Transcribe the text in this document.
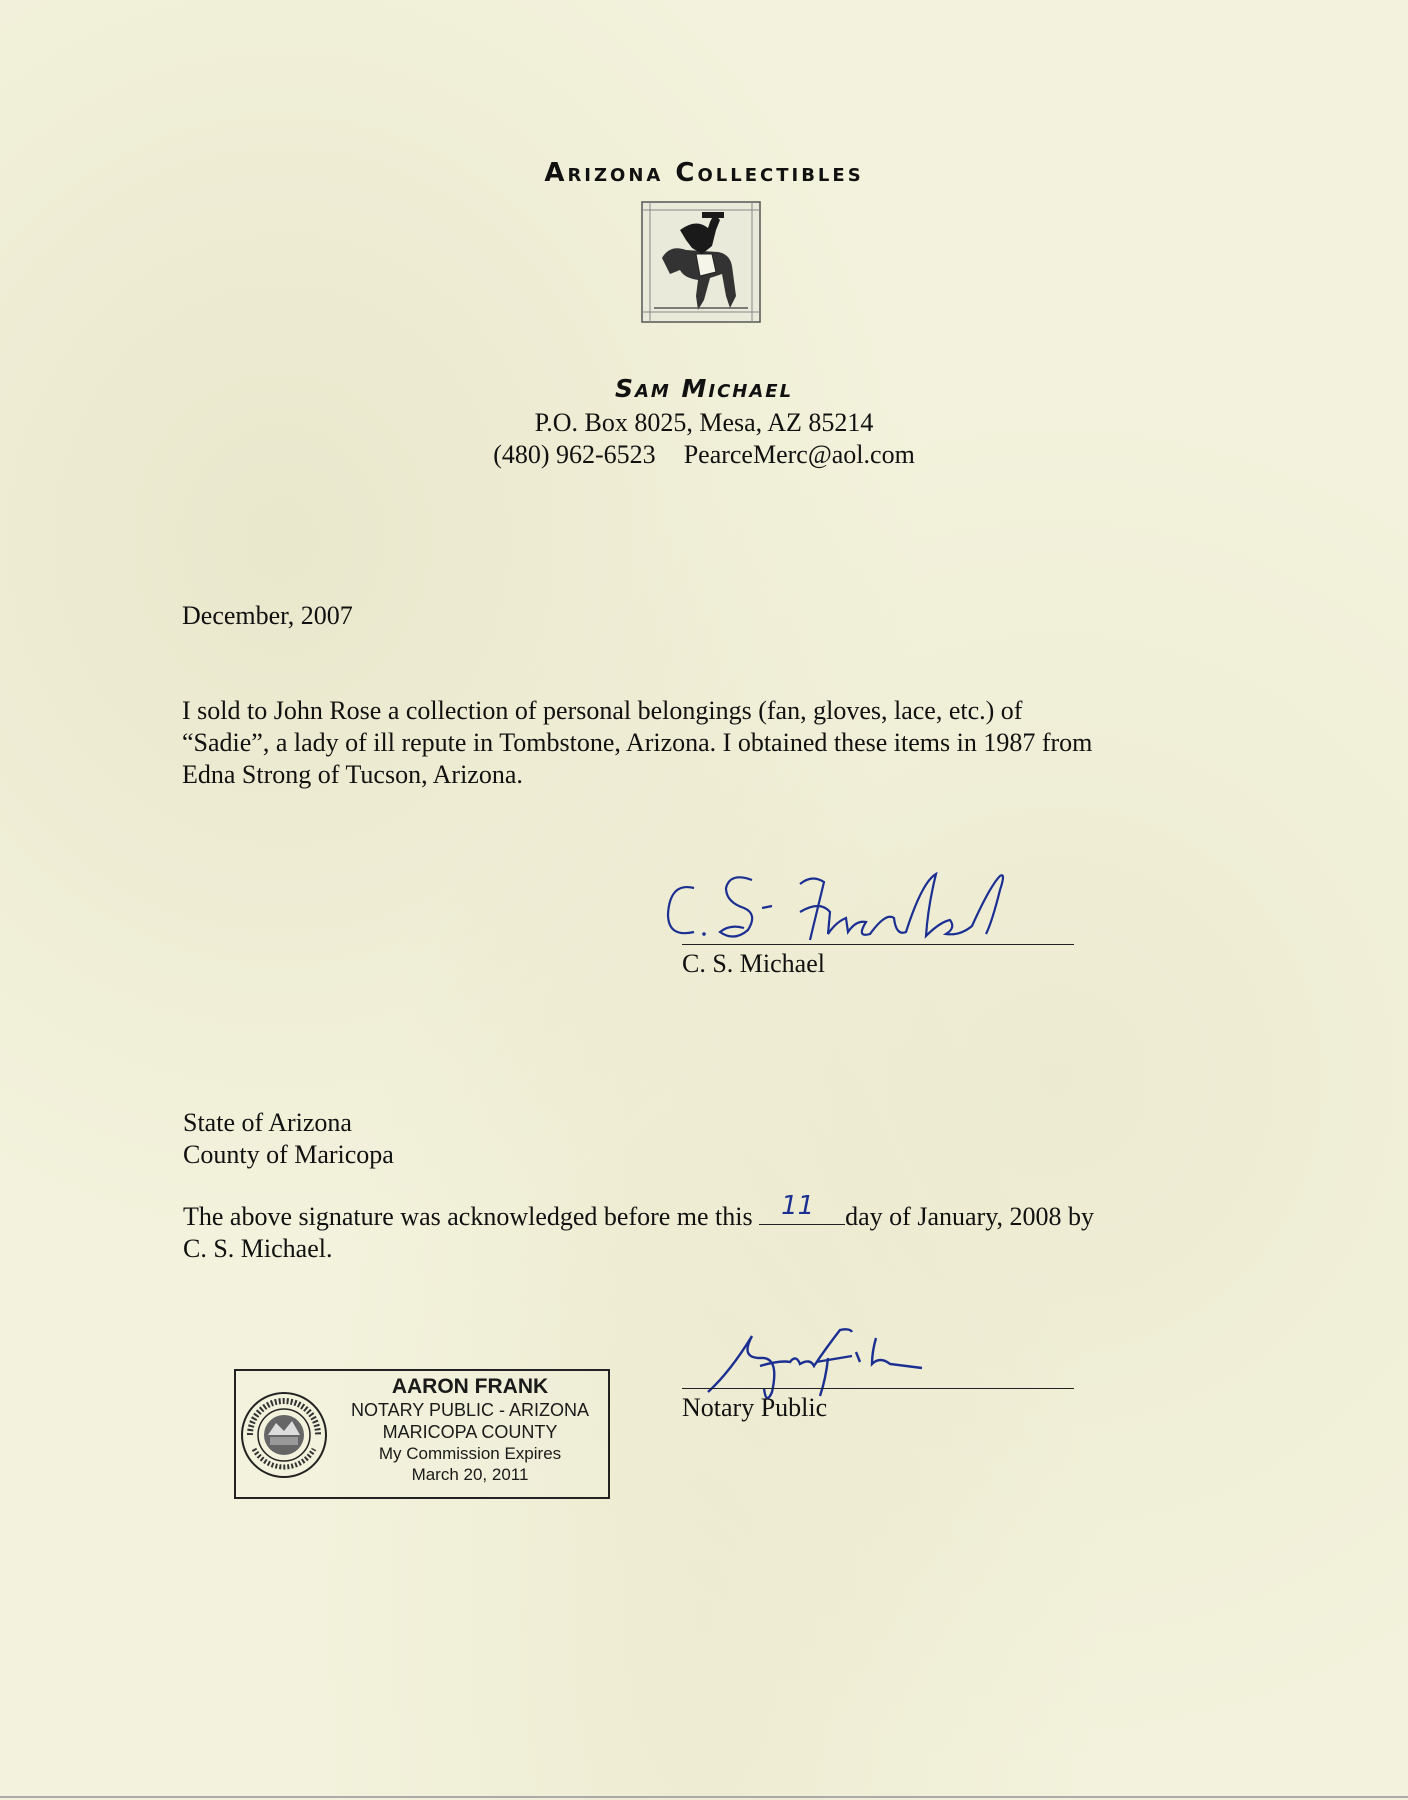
Arizona Collectibles
Sam Michael
P.O. Box 8025, Mesa, AZ 85214
(480) 962-6523 PearceMerc@aol.com
December, 2007
I sold to John Rose a collection of personal belongings (fan, gloves, lace, etc.) of “Sadie”, a lady of ill repute in Tombstone, Arizona. I obtained these items in 1987 from Edna Strong of Tucson, Arizona.
C. S. Michael
State of Arizona
County of Maricopa
The above signature was acknowledged before me this 11 day of January, 2008 by C. S. Michael.
Notary Public
AARON FRANK
NOTARY PUBLIC - ARIZONA
MARICOPA COUNTY
My Commission Expires
March 20, 2011
